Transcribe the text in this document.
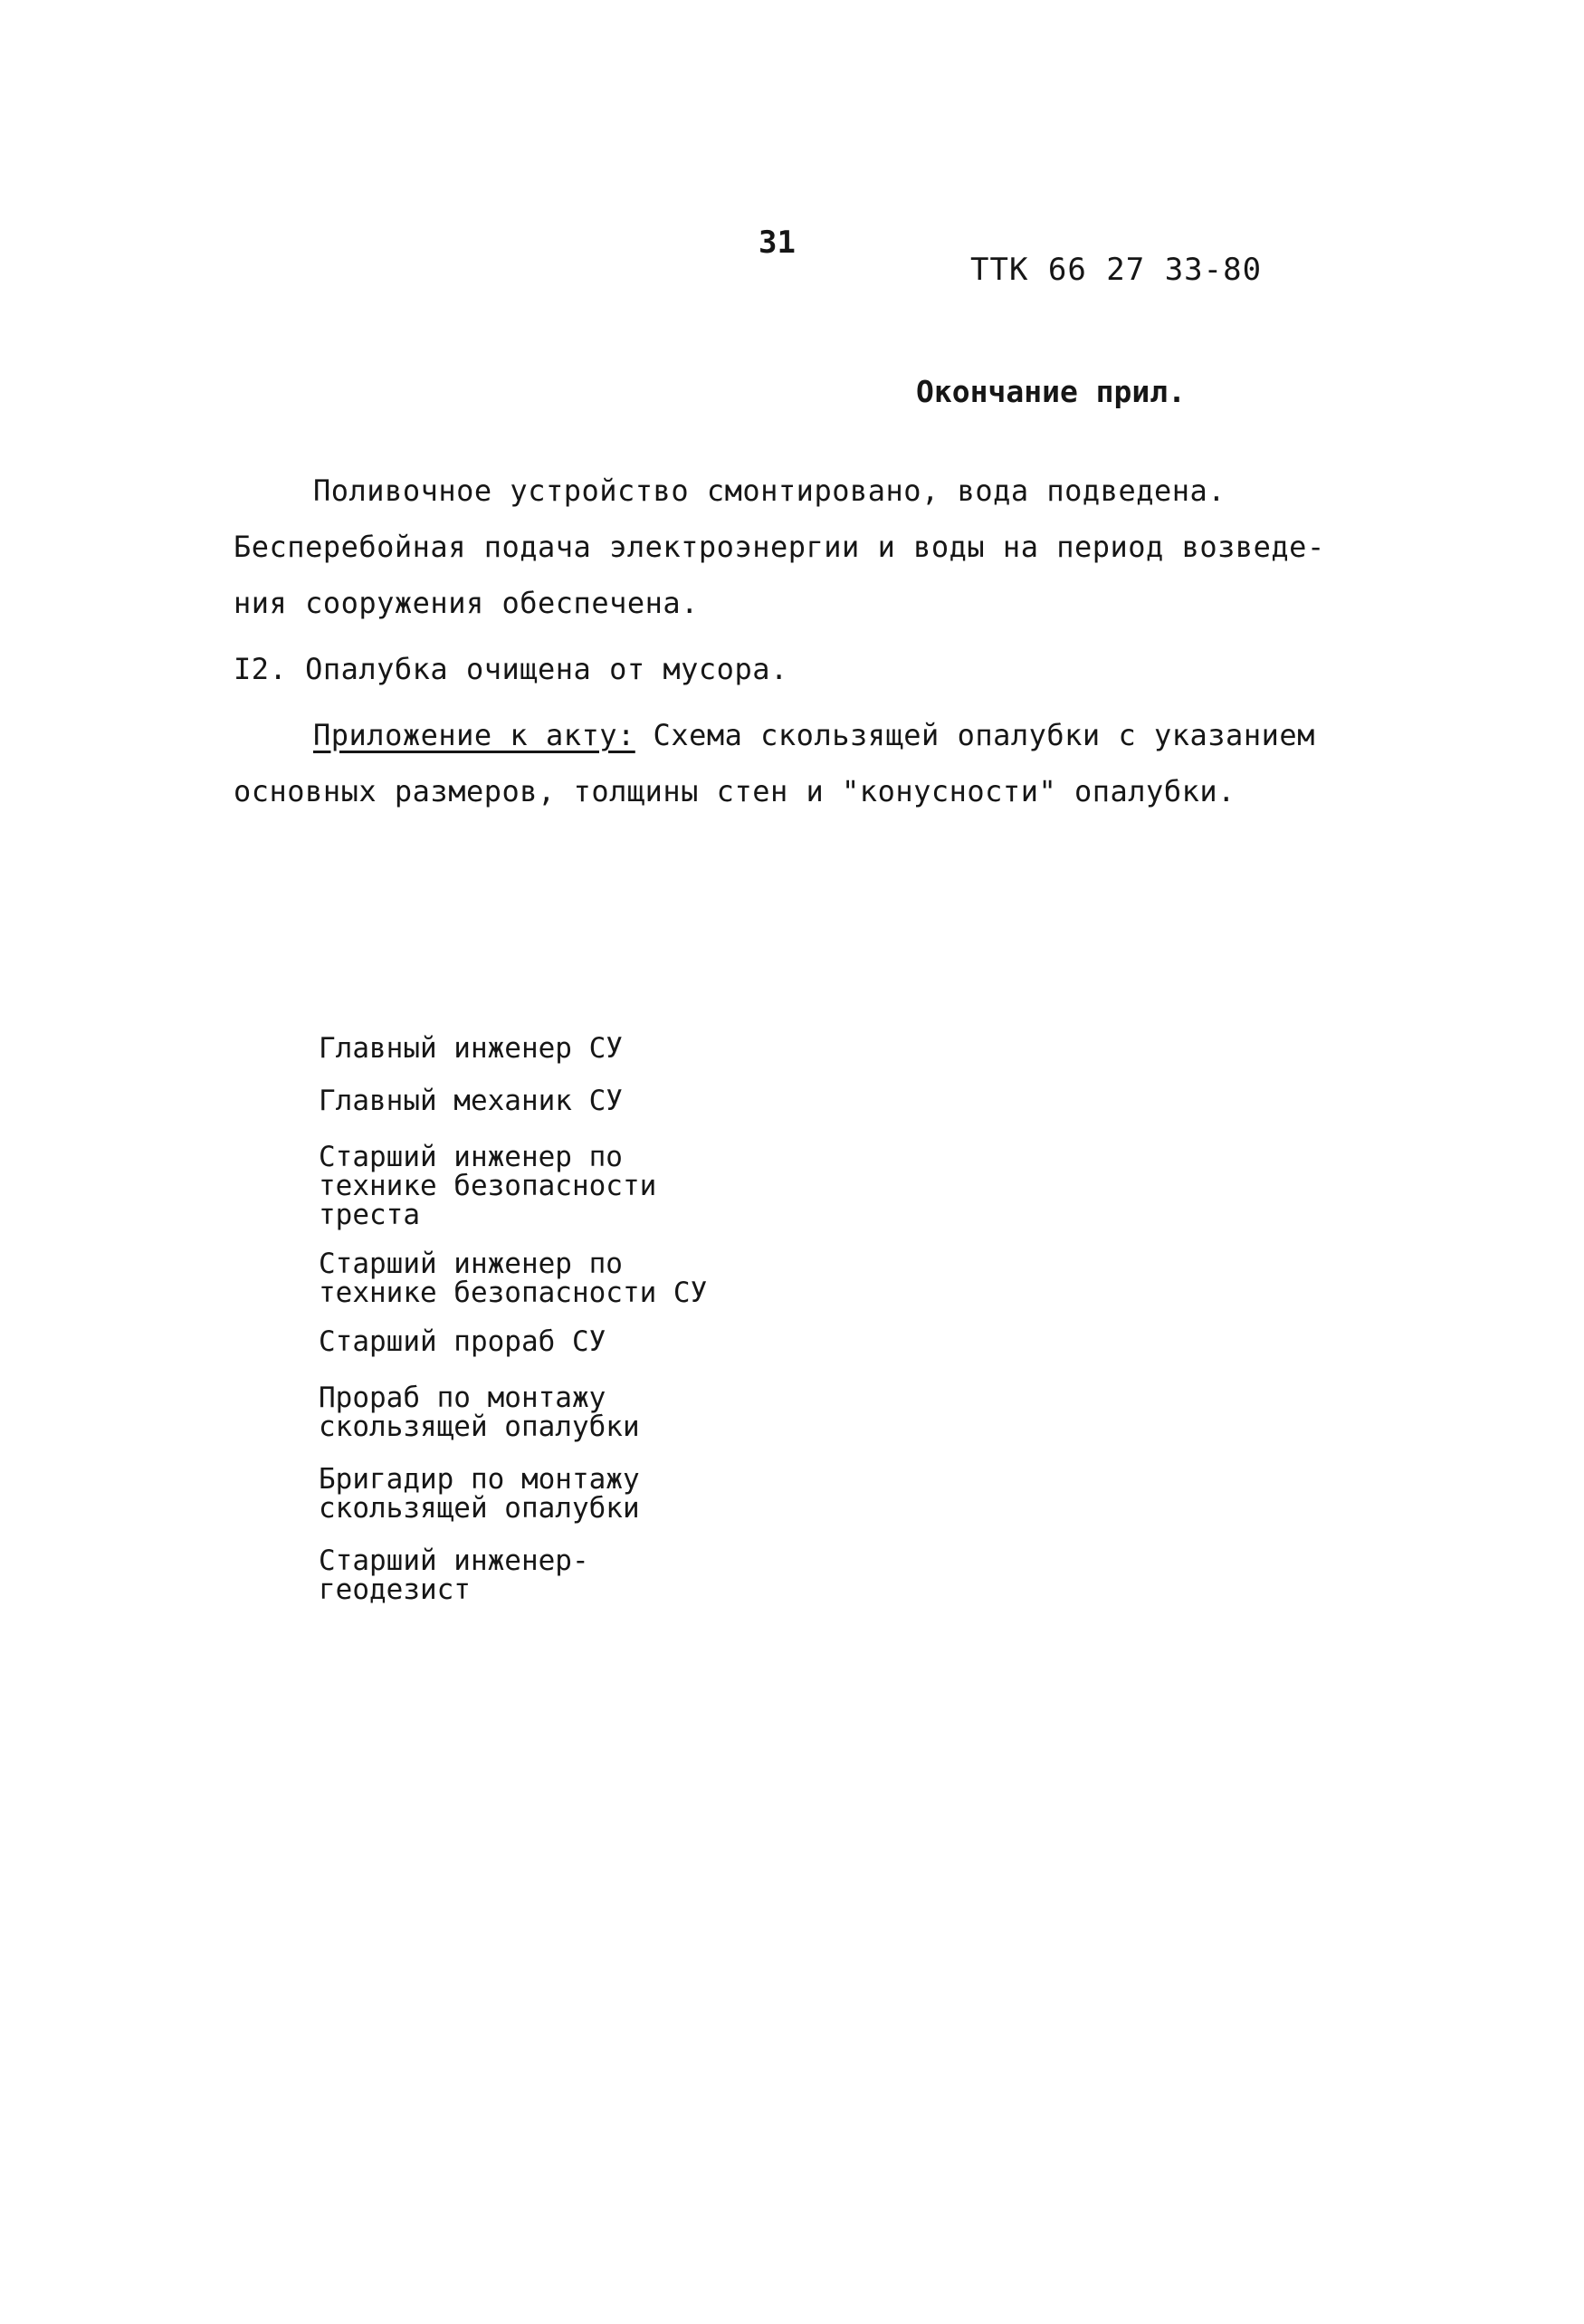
31
ТТК 66 27 33-80
Окончание прил.
Поливочное устройство смонтировано, вода подведена.
Бесперебойная подача электроэнергии и воды на период возведе-
ния сооружения обеспечена.
I2. Опалубка очищена от мусора.
Приложение к акту: Схема скользящей опалубки с указанием
основных размеров, толщины стен и "конусности" опалубки.
Главный инженер СУ
Главный механик СУ
Старший инженер по
технике безопасности
треста
Старший инженер по
технике безопасности СУ
Старший прораб СУ
Прораб по монтажу
скользящей опалубки
Бригадир по монтажу
скользящей опалубки
Старший инженер-
геодезист
